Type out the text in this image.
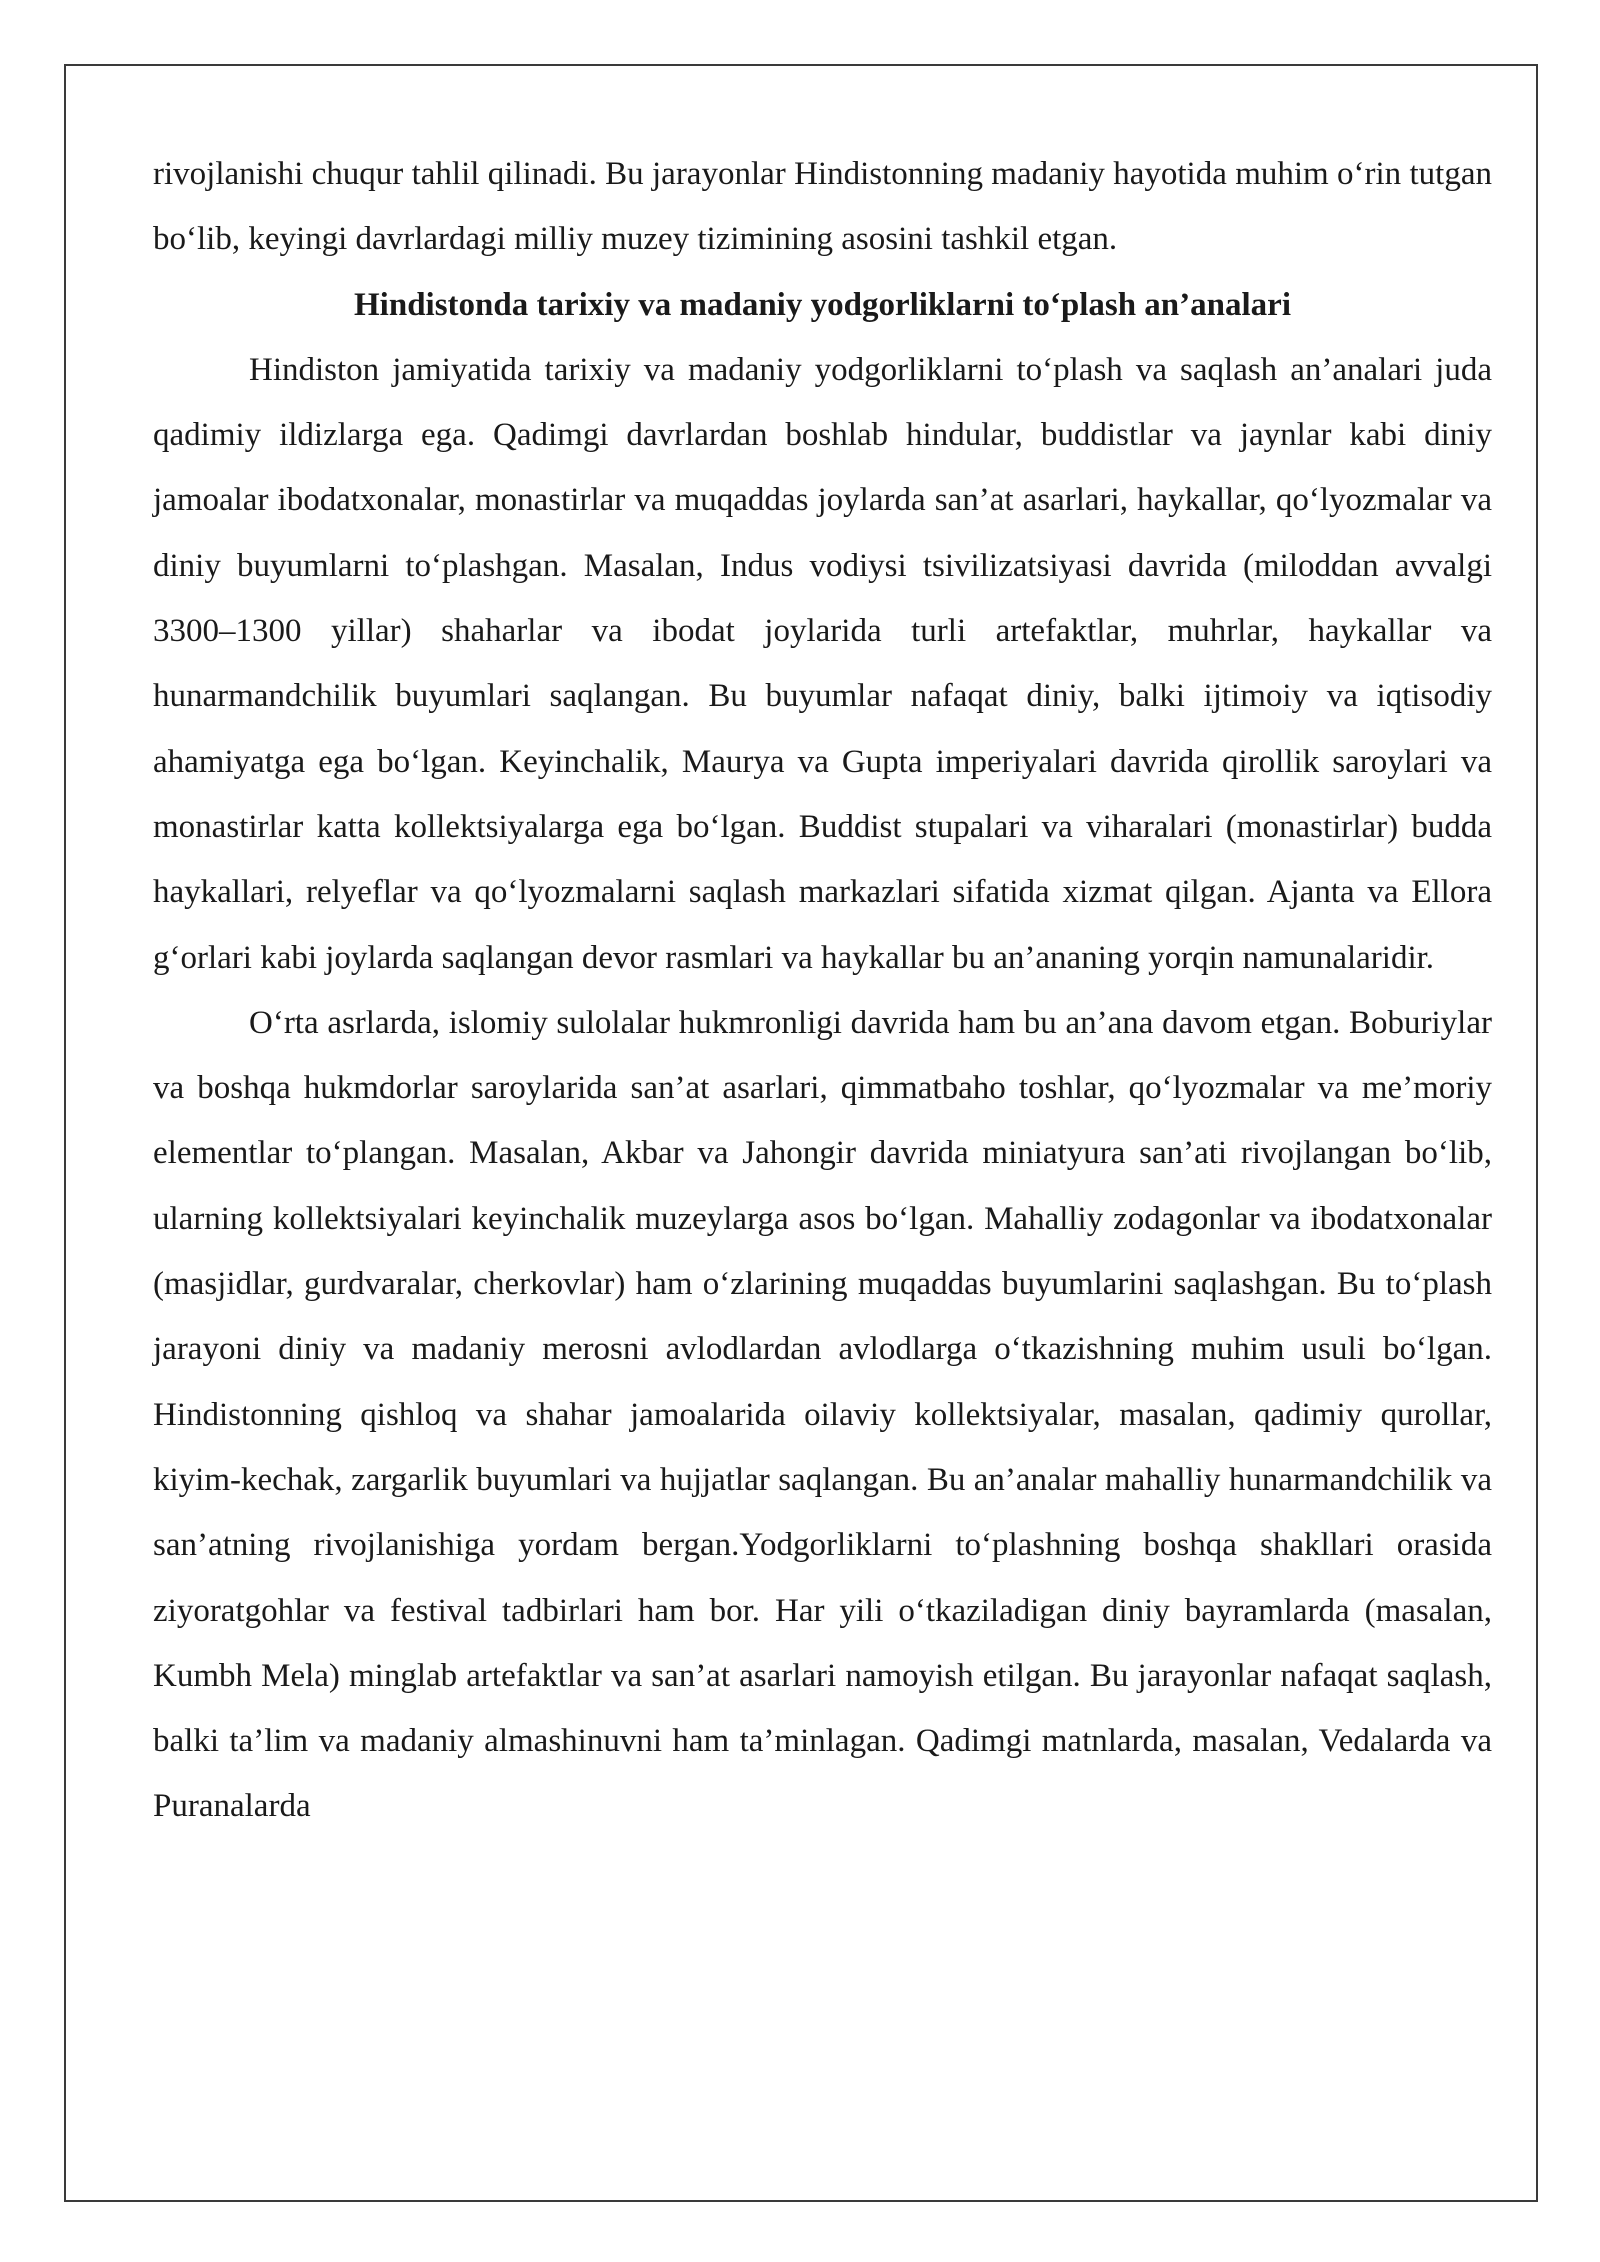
rivojlanishi chuqur tahlil qilinadi. Bu jarayonlar Hindistonning madaniy hayotida muhim o‘rin tutgan bo‘lib, keyingi davrlardagi milliy muzey tizimining asosini tashkil etgan.

Hindistonda tarixiy va madaniy yodgorliklarni to‘plash an’analari

Hindiston jamiyatida tarixiy va madaniy yodgorliklarni to‘plash va saqlash an’analari juda qadimiy ildizlarga ega. Qadimgi davrlardan boshlab hindular, buddistlar va jaynlar kabi diniy jamoalar ibodatxonalar, monastirlar va muqaddas joylarda san’at asarlari, haykallar, qo‘lyozmalar va diniy buyumlarni to‘plashgan. Masalan, Indus vodiysi tsivilizatsiyasi davrida (miloddan avvalgi 3300–1300 yillar) shaharlar va ibodat joylarida turli artefaktlar, muhrlar, haykallar va hunarmandchilik buyumlari saqlangan. Bu buyumlar nafaqat diniy, balki ijtimoiy va iqtisodiy ahamiyatga ega bo‘lgan. Keyinchalik, Maurya va Gupta imperiyalari davrida qirollik saroylari va monastirlar katta kollektsiyalarga ega bo‘lgan. Buddist stupalari va viharalari (monastirlar) budda haykallari, relyeflar va qo‘lyozmalarni saqlash markazlari sifatida xizmat qilgan. Ajanta va Ellora g‘orlari kabi joylarda saqlangan devor rasmlari va haykallar bu an’ananing yorqin namunalaridir.

O‘rta asrlarda, islomiy sulolalar hukmronligi davrida ham bu an’ana davom etgan. Boburiylar va boshqa hukmdorlar saroylarida san’at asarlari, qimmatbaho toshlar, qo‘lyozmalar va me’moriy elementlar to‘plangan. Masalan, Akbar va Jahongir davrida miniatyura san’ati rivojlangan bo‘lib, ularning kollektsiyalari keyinchalik muzeylarga asos bo‘lgan. Mahalliy zodagonlar va ibodatxonalar (masjidlar, gurdvaralar, cherkovlar) ham o‘zlarining muqaddas buyumlarini saqlashgan. Bu to‘plash jarayoni diniy va madaniy merosni avlodlardan avlodlarga o‘tkazishning muhim usuli bo‘lgan. Hindistonning qishloq va shahar jamoalarida oilaviy kollektsiyalar, masalan, qadimiy qurollar, kiyim-kechak, zargarlik buyumlari va hujjatlar saqlangan. Bu an’analar mahalliy hunarmandchilik va san’atning rivojlanishiga yordam bergan.Yodgorliklarni to‘plashning boshqa shakllari orasida ziyoratgohlar va festival tadbirlari ham bor. Har yili o‘tkaziladigan diniy bayramlarda (masalan, Kumbh Mela) minglab artefaktlar va san’at asarlari namoyish etilgan. Bu jarayonlar nafaqat saqlash, balki ta’lim va madaniy almashinuvni ham ta’minlagan. Qadimgi matnlarda, masalan, Vedalarda va Puranalarda
